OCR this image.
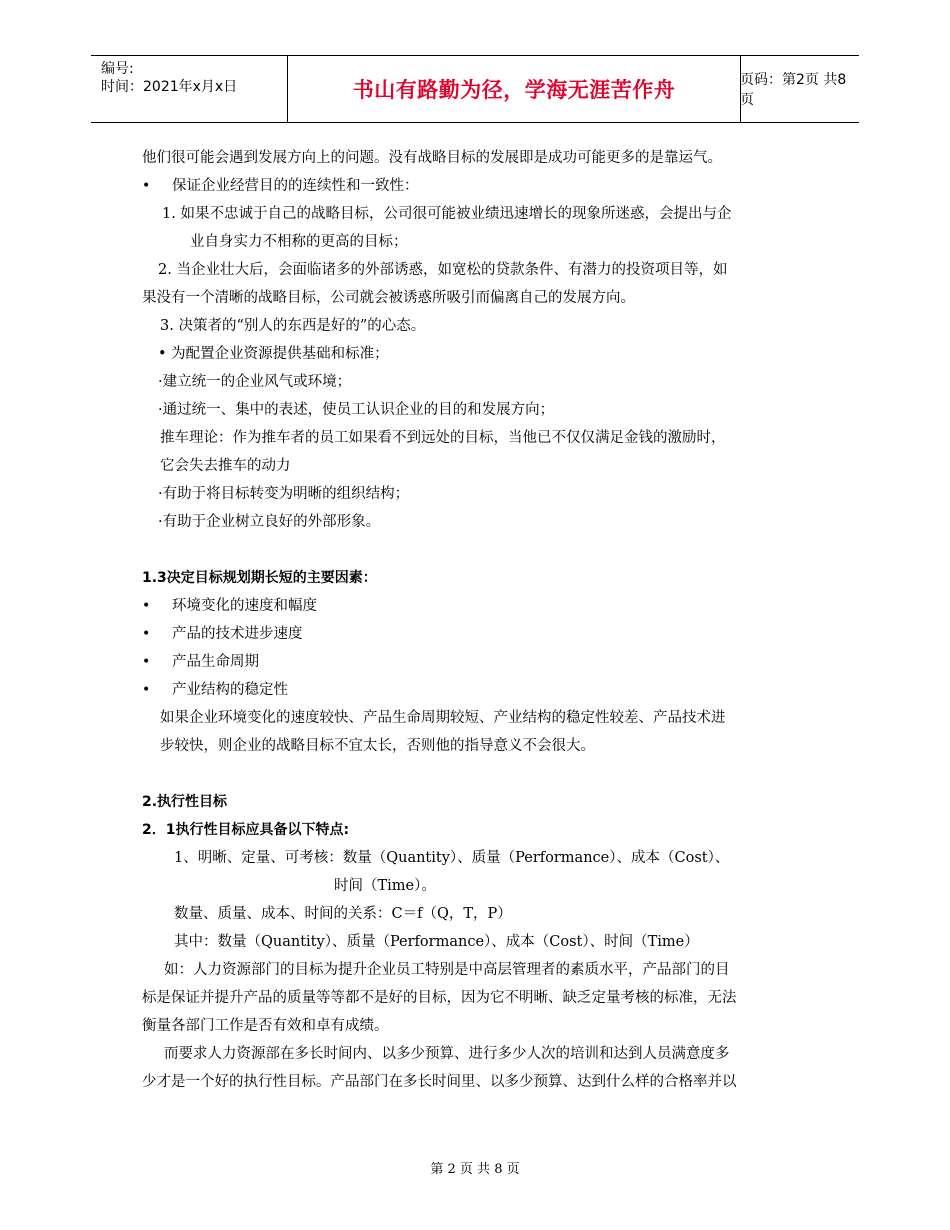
编号:
时间：2021年x月x日	书山有路勤为径，学海无涯苦作舟	页码：第2页 共8页
他们很可能会遇到发展方向上的问题。没有战略目标的发展即是成功可能更多的是靠运气。
• 保证企业经营目的的连续性和一致性：
1. 如果不忠诚于自己的战略目标，公司很可能被业绩迅速增长的现象所迷惑，会提出与企
业自身实力不相称的更高的目标；
2. 当企业壮大后，会面临诸多的外部诱惑，如宽松的贷款条件、有潜力的投资项目等，如
果没有一个清晰的战略目标，公司就会被诱惑所吸引而偏离自己的发展方向。
3. 决策者的“别人的东西是好的”的心态。
• 为配置企业资源提供基础和标准；
·建立统一的企业风气或环境；
·通过统一、集中的表述，使员工认识企业的目的和发展方向；
推车理论：作为推车者的员工如果看不到远处的目标，当他已不仅仅满足金钱的激励时，
它会失去推车的动力
·有助于将目标转变为明晰的组织结构；
·有助于企业树立良好的外部形象。
1.3决定目标规划期长短的主要因素：
• 环境变化的速度和幅度
• 产品的技术进步速度
• 产品生命周期
• 产业结构的稳定性
如果企业环境变化的速度较快、产品生命周期较短、产业结构的稳定性较差、产品技术进
步较快，则企业的战略目标不宜太长，否则他的指导意义不会很大。
2.执行性目标
2．1执行性目标应具备以下特点:
1、明晰、定量、可考核：数量（Quantity）、质量（Performance）、成本（Cost）、
时间（Time）。
数量、质量、成本、时间的关系：C＝f（Q，T，P）
其中：数量（Quantity）、质量（Performance）、成本（Cost）、时间（Time）
如：人力资源部门的目标为提升企业员工特别是中高层管理者的素质水平，产品部门的目
标是保证并提升产品的质量等等都不是好的目标，因为它不明晰、缺乏定量考核的标准，无法
衡量各部门工作是否有效和卓有成绩。
而要求人力资源部在多长时间内、以多少预算、进行多少人次的培训和达到人员满意度多
少才是一个好的执行性目标。产品部门在多长时间里、以多少预算、达到什么样的合格率并以
第 2 页 共 8 页
